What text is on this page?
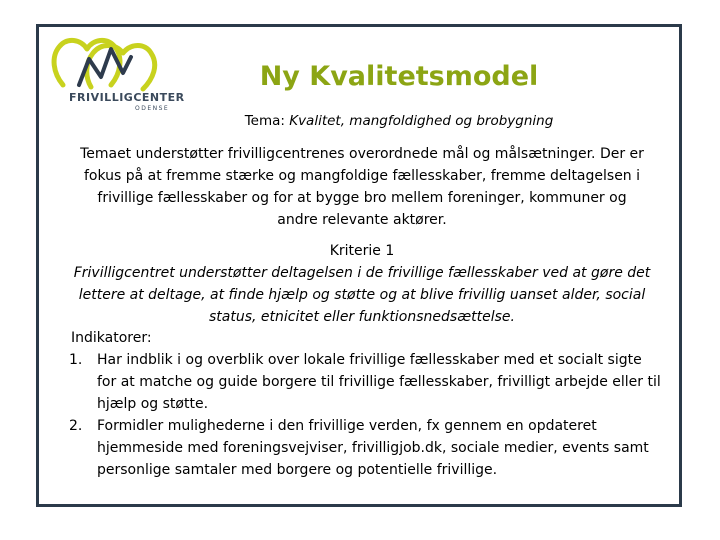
FRIVILLIGCENTER
ODENSE
Ny Kvalitetsmodel
Tema: Kvalitet, mangfoldighed og brobygning
Temaet understøtter frivilligcentrenes overordnede mål og målsætninger. Der er fokus på at fremme stærke og mangfoldige fællesskaber, fremme deltagelsen i frivillige fællesskaber og for at bygge bro mellem foreninger, kommuner og andre relevante aktører.
Kriterie 1
Frivilligcentret understøtter deltagelsen i de frivillige fællesskaber ved at gøre det lettere at deltage, at finde hjælp og støtte og at blive frivillig uanset alder, social status, etnicitet eller funktionsnedsættelse.
Indikatorer:
1. Har indblik i og overblik over lokale frivillige fællesskaber med et socialt sigte for at matche og guide borgere til frivillige fællesskaber, frivilligt arbejde eller til hjælp og støtte.
2. Formidler mulighederne i den frivillige verden, fx gennem en opdateret hjemmeside med foreningsvejviser, frivilligjob.dk, sociale medier, events samt personlige samtaler med borgere og potentielle frivillige.
